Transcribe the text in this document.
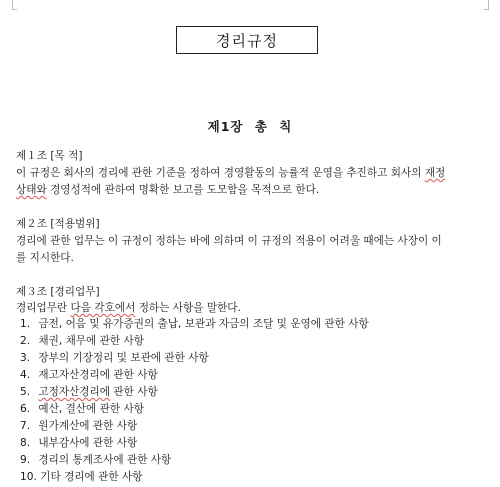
경리규정
제1장 총 칙
제１조 [목 적]
이 규정은 회사의 경리에 관한 기준을 정하여 경영활동의 능률적 운영을 추진하고 회사의 재정
상태와 경영성적에 관하여 명확한 보고를 도모함을 목적으로 한다.
제２조 [적용범위]
경리에 관한 업무는 이 규정이 정하는 바에 의하며 이 규정의 적용이 어려울 때에는 사장이 이
를 지시한다.
제３조 [경리업무]
경리업무란 다음 각호에서 정하는 사항을 말한다.
1. 금전, 어음 및 유가증권의 출납, 보관과 자금의 조달 및 운영에 관한 사항
2. 채권, 채무에 관한 사항
3. 장부의 기장정리 및 보관에 관한 사항
4. 재고자산경리에 관한 사항
5. 고정자산경리에 관한 사항
6. 예산, 결산에 관한 사항
7. 원가계산에 관한 사항
8. 내부감사에 관한 사항
9. 경리의 통계조사에 관한 사항
10. 기타 경리에 관한 사항
